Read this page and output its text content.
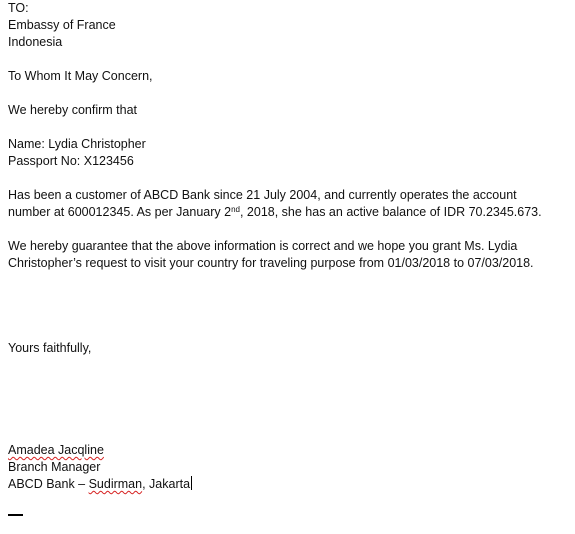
TO:

Embassy of France

Indonesia

To Whom It May Concern,

We hereby confirm that

Name: Lydia Christopher

Passport No: X123456

Has been a customer of ABCD Bank since 21 July 2004, and currently operates the account number at 600012345. As per January 2nd, 2018, she has an active balance of IDR 70.2345.673.

We hereby guarantee that the above information is correct and we hope you grant Ms. Lydia Christopher’s request to visit your country for traveling purpose from 01/03/2018 to 07/03/2018.

Yours faithfully,

Amadea Jacqline

Branch Manager

ABCD Bank – Sudirman, Jakarta
